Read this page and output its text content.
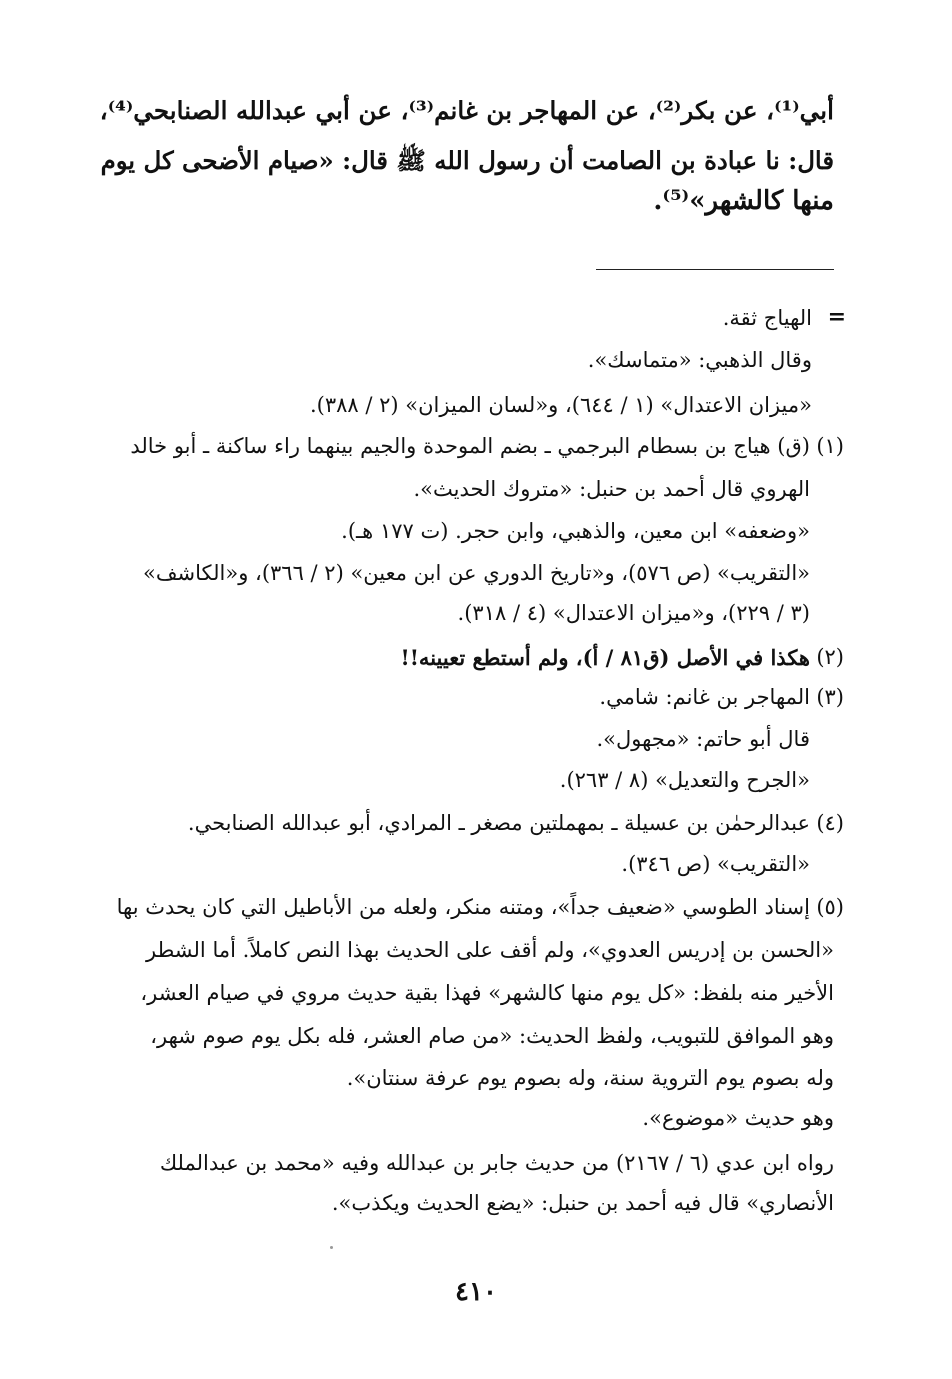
أبي⁽¹⁾، عن بكر⁽²⁾، عن المهاجر بن غانم⁽³⁾، عن أبي عبدالله الصنابحي⁽⁴⁾،
قال: نا عبادة بن الصامت أن رسول الله ﷺ قال: «صيام الأضحى كل يوم
منها كالشهر»⁽⁵⁾.
=
الهياج ثقة.
وقال الذهبي: «متماسك».
«ميزان الاعتدال» (١ / ٦٤٤)، و«لسان الميزان» (٢ / ٣٨٨).
(١)
(ق) هياج بن بسطام البرجمي ـ بضم الموحدة والجيم بينهما راء ساكنة ـ أبو خالد
الهروي قال أحمد بن حنبل: «متروك الحديث».
«وضعفه» ابن معين، والذهبي، وابن حجر. (ت ١٧٧ هـ).
«التقريب» (ص ٥٧٦)، و«تاريخ الدوري عن ابن معين» (٢ / ٣٦٦)، و«الكاشف»
(٣ / ٢٢٩)، و«ميزان الاعتدال» (٤ / ٣١٨).
(٢)
هكذا في الأصل (ق٨١ / أ)، ولم أستطع تعيينه!!
(٣)
المهاجر بن غانم: شامي.
قال أبو حاتم: «مجهول».
«الجرح والتعديل» (٨ / ٢٦٣).
(٤)
عبدالرحمٰن بن عسيلة ـ بمهملتين مصغر ـ المرادي، أبو عبدالله الصنابحي.
«التقريب» (ص ٣٤٦).
(٥)
إسناد الطوسي «ضعيف جداً»، ومتنه منكر، ولعله من الأباطيل التي كان يحدث بها
«الحسن بن إدريس العدوي»، ولم أقف على الحديث بهذا النص كاملاً. أما الشطر
الأخير منه بلفظ: «كل يوم منها كالشهر» فهذا بقية حديث مروي في صيام العشر،
وهو الموافق للتبويب، ولفظ الحديث: «من صام العشر، فله بكل يوم صوم شهر،
وله بصوم يوم التروية سنة، وله بصوم يوم عرفة سنتان».
وهو حديث «موضوع».
رواه ابن عدي (٦ / ٢١٦٧) من حديث جابر بن عبدالله وفيه «محمد بن عبدالملك
الأنصاري» قال فيه أحمد بن حنبل: «يضع الحديث ويكذب».
٤١٠
